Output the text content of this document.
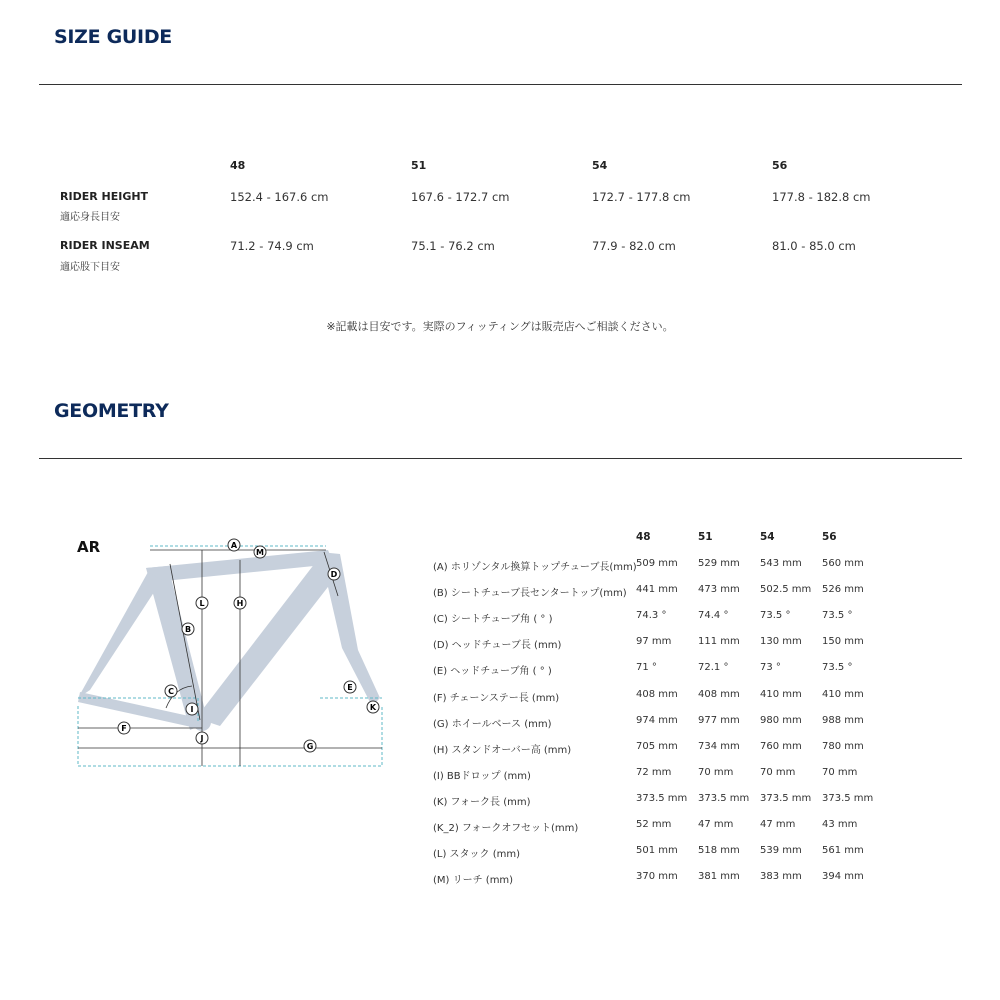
SIZE GUIDE
48	51	54	56
RIDER HEIGHT
適応身長目安
152.4 - 167.6 cm	167.6 - 172.7 cm	172.7 - 177.8 cm	177.8 - 182.8 cm
RIDER INSEAM
適応股下目安
71.2 - 74.9 cm	75.1 - 76.2 cm	77.9 - 82.0 cm	81.0 - 85.0 cm
※記載は目安です。実際のフィッティングは販売店へご相談ください。
GEOMETRY
AR	A
M
D
L	H
B
C	E
K
I
F
J
G
48	51	54	56
(A) ホリゾンタル換算トップチューブ長(mm) 509 mm 529 mm 543 mm 560 mm
(B) シートチューブ長センタートップ(mm) 441 mm 473 mm 502.5 mm 526 mm
(C) シートチューブ角 ( ° )	74.3 °	74.4 °	73.5 °	73.5 °
(D) ヘッドチューブ長 (mm)	97 mm	111 mm 130 mm 150 mm
(E) ヘッドチューブ角 ( ° )	71 °	72.1 °	73 °	73.5 °
(F) チェーンステー長 (mm)	408 mm 408 mm 410 mm 410 mm
(G) ホイールベース (mm)	974 mm 977 mm 980 mm 988 mm
(H) スタンドオーバー高 (mm)	705 mm 734 mm 760 mm 780 mm
(I) BBドロップ (mm)	72 mm	70 mm	70 mm	70 mm
(K) フォーク長 (mm)	373.5 mm 373.5 mm 373.5 mm 373.5 mm
(K_2) フォークオフセット(mm)	52 mm	47 mm	47 mm	43 mm
(L) スタック (mm)	501 mm 518 mm 539 mm 561 mm
(M) リーチ (mm)	370 mm 381 mm 383 mm 394 mm
